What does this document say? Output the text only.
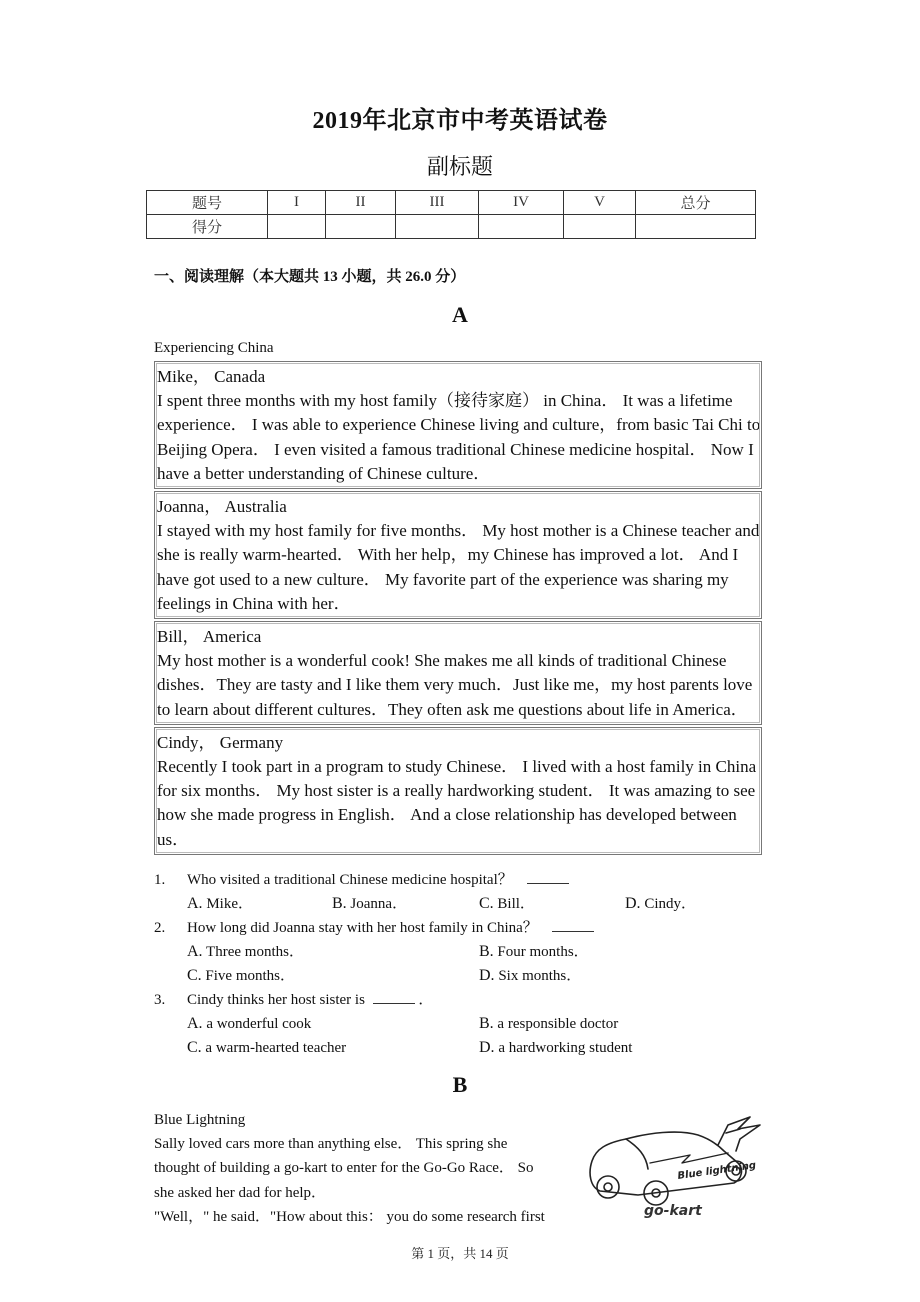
2019年北京市中考英语试卷
副标题
题号	I	II	III	IV	V	总分
得分						
一、阅读理解（本大题共 13 小题，共 26.0 分）
A
Experiencing China
Mike， Canada
I spent three months with my host family（接待家庭） in China． It was a lifetime experience． I was able to experience Chinese living and culture，from basic Tai Chi to Beijing Opera． I even visited a famous traditional Chinese medicine hospital． Now I have a better understanding of Chinese culture．
Joanna， Australia
I stayed with my host family for five months． My host mother is a Chinese teacher and she is really warm-hearted． With her help，my Chinese has improved a lot． And I have got used to a new culture． My favorite part of the experience was sharing my feelings in China with her．
Bill， America
My host mother is a wonderful cook! She makes me all kinds of traditional Chinese dishes．They are tasty and I like them very much．Just like me，my host parents love to learn about different cultures．They often ask me questions about life in America．
Cindy， Germany
Recently I took part in a program to study Chinese． I lived with a host family in China for six months． My host sister is a really hardworking student． It was amazing to see how she made progress in English． And a close relationship has developed between us．
1.	Who visited a traditional Chinese medicine hospital？
A. Mike．	B. Joanna．	C. Bill．	D. Cindy．
2.	How long did Joanna stay with her host family in China？
A. Three months．	B. Four months．
C. Five months．	D. Six months．
3.	Cindy thinks her host sister is	．
A. a wonderful cook	B. a responsible doctor
C. a warm-hearted teacher	D. a hardworking student
B
Blue Lightning
Sally loved cars more than anything else． This spring she
thought of building a go-kart to enter for the Go-Go Race． So
she asked her dad for help．
"Well，" he said．"How about this： you do some research first
Blue lightning
go-kart
第 1 页，共 14 页
